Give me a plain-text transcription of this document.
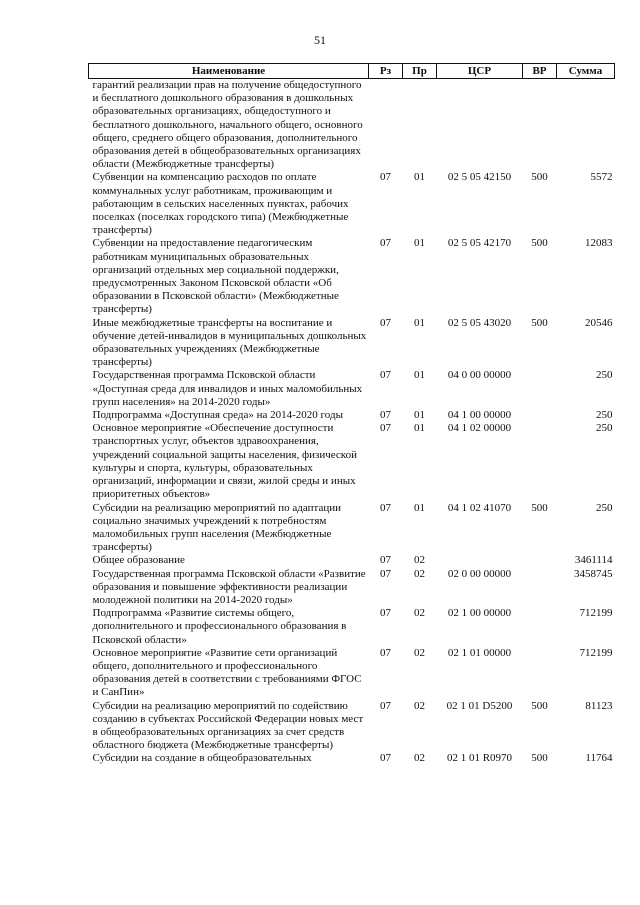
51
Наименование	Рз	Пр	ЦСР	ВР	Сумма
гарантий реализации прав на получение общедоступного и бесплатного дошкольного образования в дошкольных образовательных организациях, общедоступного и бесплатного дошкольного, начального общего, основного общего, среднего общего образования, дополнительного образования детей в общеобразовательных организациях области (Межбюджетные трансферты)					
Субвенции на компенсацию расходов по оплате коммунальных услуг работникам, проживающим и работающим в сельских населенных пунктах, рабочих поселках (поселках городского типа) (Межбюджетные трансферты)	07	01	02 5 05 42150	500	5572
Субвенции на предоставление педагогическим работникам муниципальных образовательных организаций отдельных мер социальной поддержки, предусмотренных Законом Псковской области «Об образовании в Псковской области» (Межбюджетные трансферты)	07	01	02 5 05 42170	500	12083
Иные межбюджетные трансферты на воспитание и обучение детей-инвалидов в муниципальных дошкольных образовательных учреждениях (Межбюджетные трансферты)	07	01	02 5 05 43020	500	20546
Государственная программа Псковской области «Доступная среда для инвалидов и иных маломобильных групп населения» на 2014-2020 годы»	07	01	04 0 00 00000		250
Подпрограмма «Доступная среда» на 2014-2020 годы	07	01	04 1 00 00000		250
Основное мероприятие «Обеспечение доступности транспортных услуг, объектов здравоохранения, учреждений социальной защиты населения, физической культуры и спорта, культуры, образовательных организаций, информации и связи, жилой среды и иных приоритетных объектов»	07	01	04 1 02 00000		250
Субсидии на реализацию мероприятий по адаптации социально значимых учреждений к потребностям маломобильных групп населения (Межбюджетные трансферты)	07	01	04 1 02 41070	500	250
Общее образование	07	02			3461114
Государственная программа Псковской области «Развитие образования и повышение эффективности реализации молодежной политики на 2014-2020 годы»	07	02	02 0 00 00000		3458745
Подпрограмма «Развитие системы общего, дополнительного и профессионального образования в Псковской области»	07	02	02 1 00 00000		712199
Основное мероприятие «Развитие сети организаций общего, дополнительного и профессионального образования детей в соответствии с требованиями ФГОС и СанПин»	07	02	02 1 01 00000		712199
Субсидии на реализацию мероприятий по содействию созданию в субъектах Российской Федерации новых мест в общеобразовательных организациях за счет средств областного бюджета (Межбюджетные трансферты)	07	02	02 1 01 D5200	500	81123
Субсидии на создание в общеобразовательных	07	02	02 1 01 R0970	500	11764
